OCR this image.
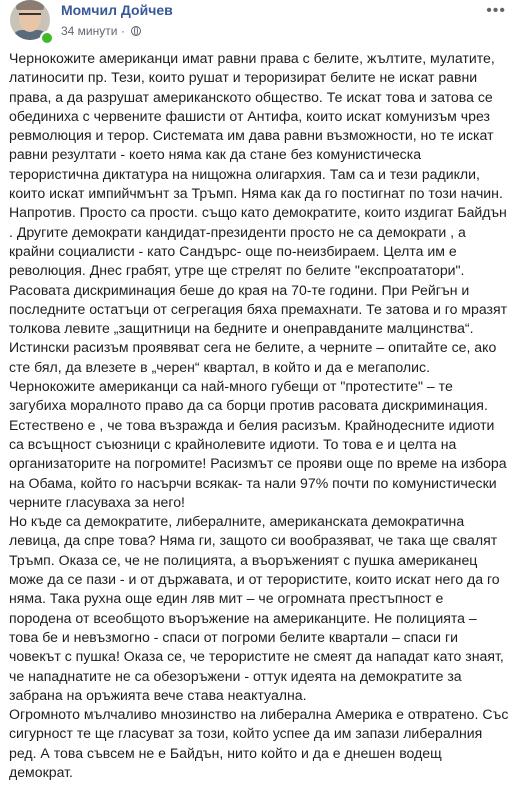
Момчил Дойчев
34 минути ·
•••

Чернокожите американци имат равни права с белите, жълтите, мулатите, латиносити пр. Тези, които рушат и тероризират белите не искат равни права, а да разрушат американското общество. Те искат това и затова се обединиха с червените фашисти от Антифа, които искат комунизъм чрез ревмолюция и терор. Системата им дава равни възможности, но те искат равни резултати - което няма как да стане без комунистическа терористична диктатура на нищожна олигархия. Там са и тези радикли, които искат импийчмънт за Тръмп. Няма как да го постигнат по този начин. Напротив. Просто са прости. също като демократите, които издигат Байдън . Другите демократи кандидат-президенти просто не са демократи , а крайни социалисти - като Сандърс- още по-неизбираем. Целта им е революция. Днес грабят, утре ще стрелят по белите "експроататори". Расовата дискриминация беше до края на 70-те години. При Рейгън и последните остатъци от сегрегация бяха премахнати. Те затова и го мразят толкова левите „защитници на бедните и онеправданите малцинства“. Истински расизъм проявяват сега не белите, а черните – опитайте се, ако сте бял, да влезете в „черен“ квартал, в който и да е мегаполис.

Чернокожите американци са най-много губещи от "протестите" – те загубиха моралното право да са борци против расовата дискриминация. Естествено е , че това възражда и белия расизъм. Крайнодесните идиоти са всъщност съюзници с крайнолевите идиоти. То това е и целта на организаторите на погромите! Расизмът се прояви още по време на избора на Обама, който го насърчи всякак- та нали 97% почти по комунистически черните гласуваха за него!

Но къде са демократите, либералните, американската демократична левица, да спре това? Няма ги, защото си вообразяват, че така ще свалят Тръмп. Оказа се, че не полицията, а въоръженият с пушка американец може да се пази - и от държавата, и от терористите, които искат него да го няма. Така рухна още един ляв мит – че огромната престъпност е породена от всеобщото въоръжение на американците. Не полицията – това бе и невъзмогно - спаси от погроми белите квартали – спаси ги човекът с пушка! Оказа се, че терористите не смеят да нападат като знаят, че нападнатите не са обезоръжени - оттук идеята на демократите за забрана на оръжията вече става неактуална.

Огромното мълчаливо мнозинство на либерална Америка е отвратено. Със сигурност те ще гласуват за този, който успее да им запази либералния ред. А това съвсем не е Байдън, нито който и да е днешен водещ демократ.
